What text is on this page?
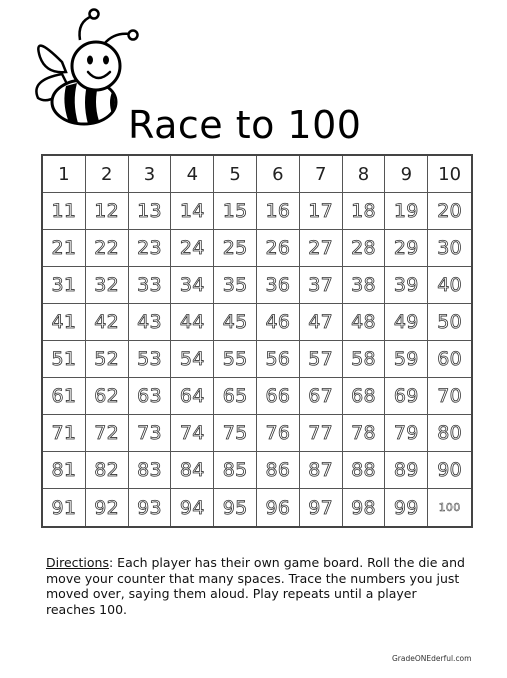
Race to 100
1	2	3	4	5	6	7	8	9	10
11 12 13 14 15 16 17 18 19 20
21 22 23 24 25 26 27 28 29 30
31 32 33 34 35 36 37 38 39 40
41 42 43 44 45 46 47 48 49 50
51 52 53 54 55 56 57 58 59 60
61 62 63 64 65 66 67 68 69 70
71 72 73 74 75 76 77 78 79 80
81 82 83 84 85 86 87 88 89 90
91 92 93 94 95 96 97 98 99	100
Directions: Each player has their own game board. Roll the die and move your counter that many spaces. Trace the numbers you just moved over, saying them aloud. Play repeats until a player reaches 100.
GradeONEderful.com
